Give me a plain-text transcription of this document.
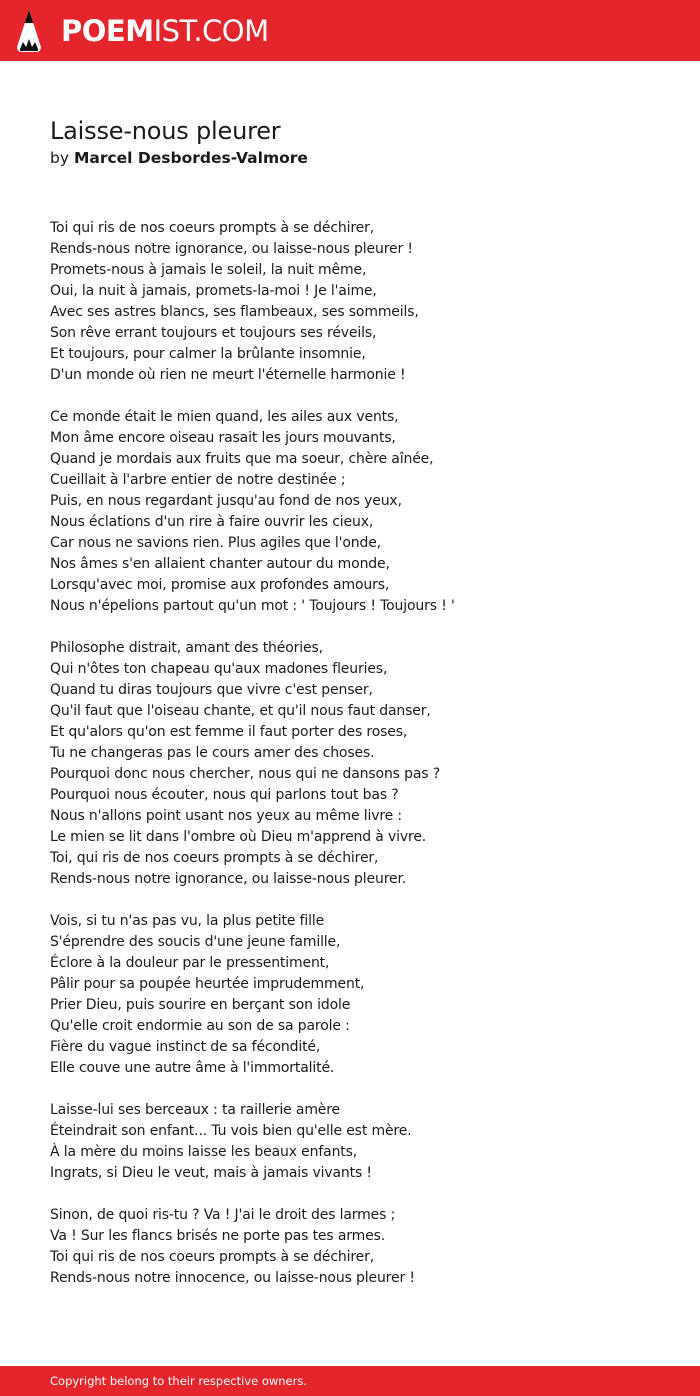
POEMIST.COM
Laisse-nous pleurer
by Marcel Desbordes-Valmore
Toi qui ris de nos coeurs prompts à se déchirer,
Rends-nous notre ignorance, ou laisse-nous pleurer !
Promets-nous à jamais le soleil, la nuit même,
Oui, la nuit à jamais, promets-la-moi ! Je l'aime,
Avec ses astres blancs, ses flambeaux, ses sommeils,
Son rêve errant toujours et toujours ses réveils,
Et toujours, pour calmer la brûlante insomnie,
D'un monde où rien ne meurt l'éternelle harmonie !
Ce monde était le mien quand, les ailes aux vents,
Mon âme encore oiseau rasait les jours mouvants,
Quand je mordais aux fruits que ma soeur, chère aînée,
Cueillait à l'arbre entier de notre destinée ;
Puis, en nous regardant jusqu'au fond de nos yeux,
Nous éclations d'un rire à faire ouvrir les cieux,
Car nous ne savions rien. Plus agiles que l'onde,
Nos âmes s'en allaient chanter autour du monde,
Lorsqu'avec moi, promise aux profondes amours,
Nous n'épelions partout qu'un mot : ' Toujours ! Toujours ! '
Philosophe distrait, amant des théories,
Qui n'ôtes ton chapeau qu'aux madones fleuries,
Quand tu diras toujours que vivre c'est penser,
Qu'il faut que l'oiseau chante, et qu'il nous faut danser,
Et qu'alors qu'on est femme il faut porter des roses,
Tu ne changeras pas le cours amer des choses.
Pourquoi donc nous chercher, nous qui ne dansons pas ?
Pourquoi nous écouter, nous qui parlons tout bas ?
Nous n'allons point usant nos yeux au même livre :
Le mien se lit dans l'ombre où Dieu m'apprend à vivre.
Toi, qui ris de nos coeurs prompts à se déchirer,
Rends-nous notre ignorance, ou laisse-nous pleurer.
Vois, si tu n'as pas vu, la plus petite fille
S'éprendre des soucis d'une jeune famille,
Éclore à la douleur par le pressentiment,
Pâlir pour sa poupée heurtée imprudemment,
Prier Dieu, puis sourire en berçant son idole
Qu'elle croit endormie au son de sa parole :
Fière du vague instinct de sa fécondité,
Elle couve une autre âme à l'immortalité.
Laisse-lui ses berceaux : ta raillerie amère
Éteindrait son enfant... Tu vois bien qu'elle est mère.
À la mère du moins laisse les beaux enfants,
Ingrats, si Dieu le veut, mais à jamais vivants !
Sinon, de quoi ris-tu ? Va ! J'ai le droit des larmes ;
Va ! Sur les flancs brisés ne porte pas tes armes.
Toi qui ris de nos coeurs prompts à se déchirer,
Rends-nous notre innocence, ou laisse-nous pleurer !
Copyright belong to their respective owners.
